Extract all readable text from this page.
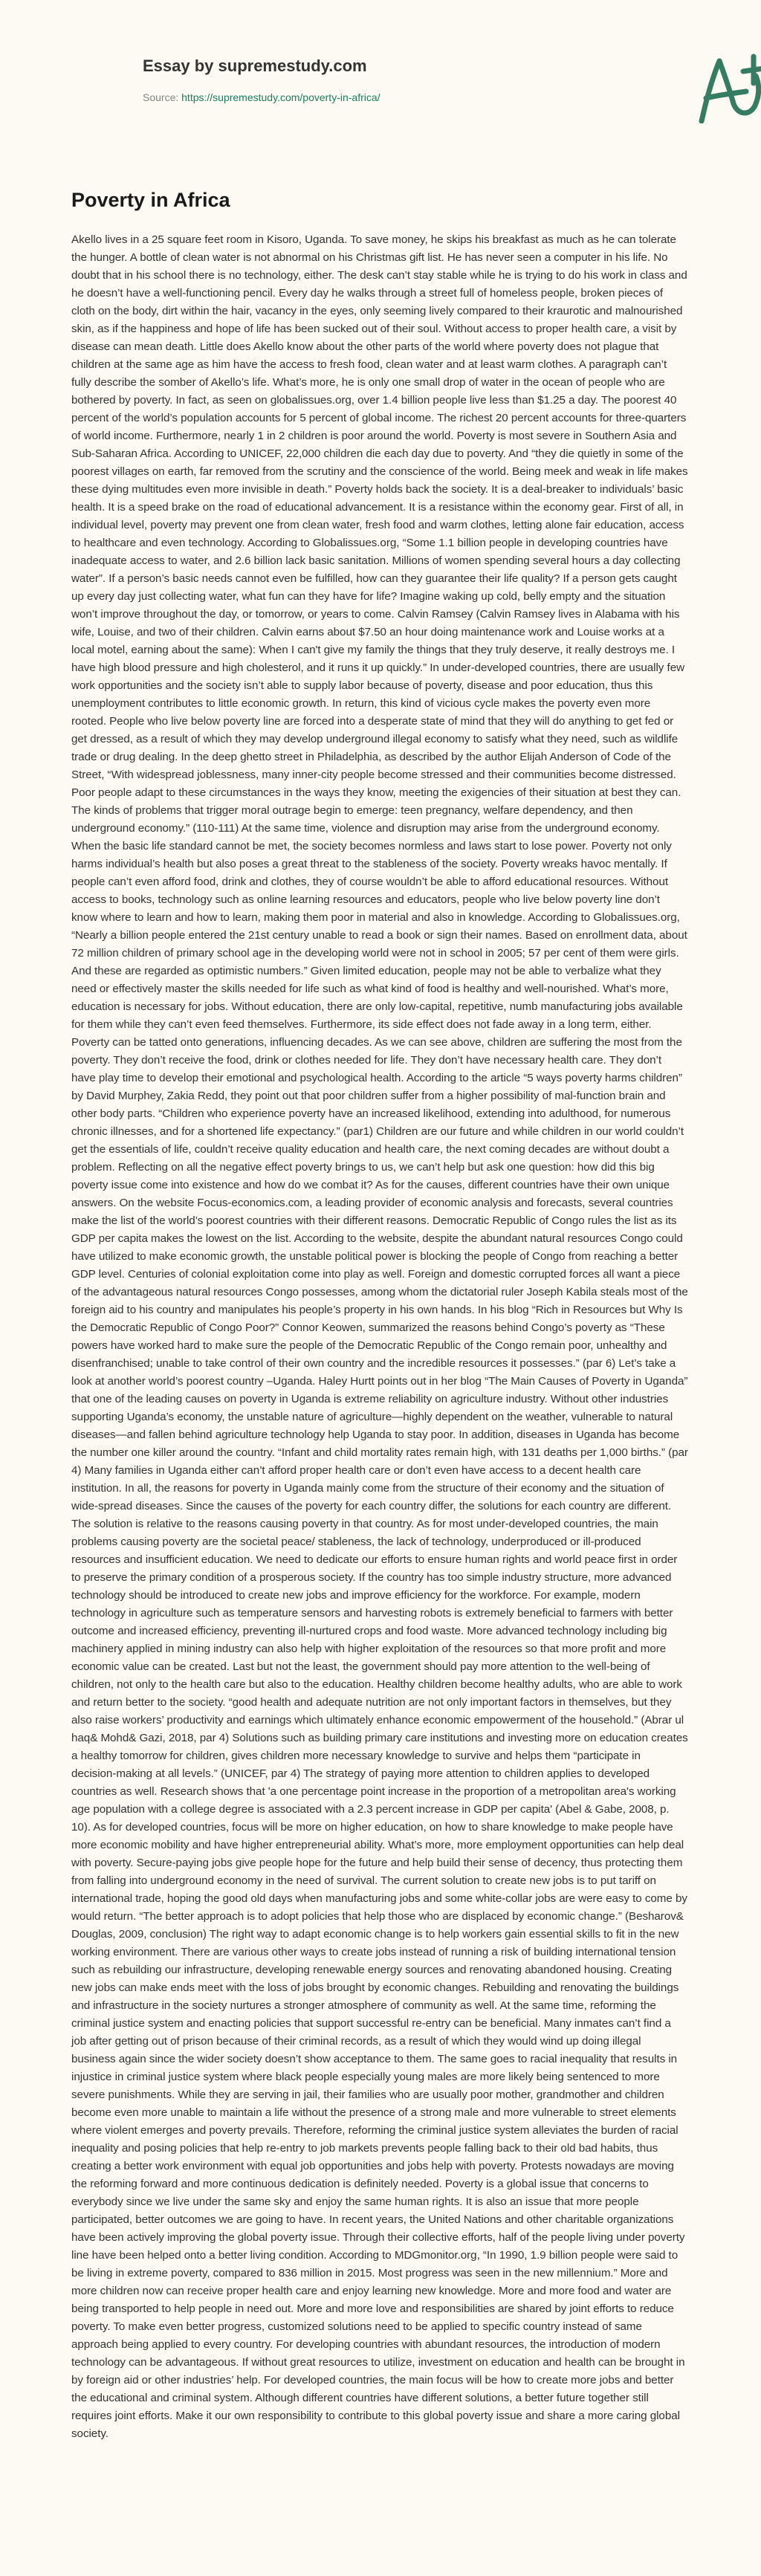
Essay by supremestudy.com
Source: https://supremestudy.com/poverty-in-africa/
Poverty in Africa

Akello lives in a 25 square feet room in Kisoro, Uganda. To save money, he skips his breakfast as much as he can tolerate the hunger. A bottle of clean water is not abnormal on his Christmas gift list. He has never seen a computer in his life. No doubt that in his school there is no technology, either. The desk can’t stay stable while he is trying to do his work in class and he doesn’t have a well-functioning pencil. Every day he walks through a street full of homeless people, broken pieces of cloth on the body, dirt within the hair, vacancy in the eyes, only seeming lively compared to their kraurotic and malnourished skin, as if the happiness and hope of life has been sucked out of their soul. Without access to proper health care, a visit by disease can mean death. Little does Akello know about the other parts of the world where poverty does not plague that children at the same age as him have the access to fresh food, clean water and at least warm clothes. A paragraph can’t fully describe the somber of Akello’s life. What’s more, he is only one small drop of water in the ocean of people who are bothered by poverty. In fact, as seen on globalissues.org, over 1.4 billion people live less than $1.25 a day. The poorest 40 percent of the world’s population accounts for 5 percent of global income. The richest 20 percent accounts for three-quarters of world income. Furthermore, nearly 1 in 2 children is poor around the world. Poverty is most severe in Southern Asia and Sub-Saharan Africa. According to UNICEF, 22,000 children die each day due to poverty. And “they die quietly in some of the poorest villages on earth, far removed from the scrutiny and the conscience of the world. Being meek and weak in life makes these dying multitudes even more invisible in death.” Poverty holds back the society. It is a deal-breaker to individuals’ basic health. It is a speed brake on the road of educational advancement. It is a resistance within the economy gear. First of all, in individual level, poverty may prevent one from clean water, fresh food and warm clothes, letting alone fair education, access to healthcare and even technology. According to Globalissues.org, “Some 1.1 billion people in developing countries have inadequate access to water, and 2.6 billion lack basic sanitation. Millions of women spending several hours a day collecting water”. If a person’s basic needs cannot even be fulfilled, how can they guarantee their life quality? If a person gets caught up every day just collecting water, what fun can they have for life? Imagine waking up cold, belly empty and the situation won’t improve throughout the day, or tomorrow, or years to come. Calvin Ramsey (Calvin Ramsey lives in Alabama with his wife, Louise, and two of their children. Calvin earns about $7.50 an hour doing maintenance work and Louise works at a local motel, earning about the same): When I can't give my family the things that they truly deserve, it really destroys me. I have high blood pressure and high cholesterol, and it runs it up quickly.” In under-developed countries, there are usually few work opportunities and the society isn’t able to supply labor because of poverty, disease and poor education, thus this unemployment contributes to little economic growth. In return, this kind of vicious cycle makes the poverty even more rooted. People who live below poverty line are forced into a desperate state of mind that they will do anything to get fed or get dressed, as a result of which they may develop underground illegal economy to satisfy what they need, such as wildlife trade or drug dealing. In the deep ghetto street in Philadelphia, as described by the author Elijah Anderson of Code of the Street, “With widespread joblessness, many inner-city people become stressed and their communities become distressed. Poor people adapt to these circumstances in the ways they know, meeting the exigencies of their situation at best they can. The kinds of problems that trigger moral outrage begin to emerge: teen pregnancy, welfare dependency, and then underground economy.” (110-111) At the same time, violence and disruption may arise from the underground economy. When the basic life standard cannot be met, the society becomes normless and laws start to lose power. Poverty not only harms individual’s health but also poses a great threat to the stableness of the society. Poverty wreaks havoc mentally. If people can’t even afford food, drink and clothes, they of course wouldn’t be able to afford educational resources. Without access to books, technology such as online learning resources and educators, people who live below poverty line don’t know where to learn and how to learn, making them poor in material and also in knowledge. According to Globalissues.org, “Nearly a billion people entered the 21st century unable to read a book or sign their names. Based on enrollment data, about 72 million children of primary school age in the developing world were not in school in 2005; 57 per cent of them were girls. And these are regarded as optimistic numbers.” Given limited education, people may not be able to verbalize what they need or effectively master the skills needed for life such as what kind of food is healthy and well-nourished. What’s more, education is necessary for jobs. Without education, there are only low-capital, repetitive, numb manufacturing jobs available for them while they can’t even feed themselves. Furthermore, its side effect does not fade away in a long term, either. Poverty can be tatted onto generations, influencing decades. As we can see above, children are suffering the most from the poverty. They don’t receive the food, drink or clothes needed for life. They don’t have necessary health care. They don’t have play time to develop their emotional and psychological health. According to the article “5 ways poverty harms children” by David Murphey, Zakia Redd, they point out that poor children suffer from a higher possibility of mal-function brain and other body parts. “Children who experience poverty have an increased likelihood, extending into adulthood, for numerous chronic illnesses, and for a shortened life expectancy.” (par1) Children are our future and while children in our world couldn’t get the essentials of life, couldn’t receive quality education and health care, the next coming decades are without doubt a problem. Reflecting on all the negative effect poverty brings to us, we can’t help but ask one question: how did this big poverty issue come into existence and how do we combat it? As for the causes, different countries have their own unique answers. On the website Focus-economics.com, a leading provider of economic analysis and forecasts, several countries make the list of the world’s poorest countries with their different reasons. Democratic Republic of Congo rules the list as its GDP per capita makes the lowest on the list. According to the website, despite the abundant natural resources Congo could have utilized to make economic growth, the unstable political power is blocking the people of Congo from reaching a better GDP level. Centuries of colonial exploitation come into play as well. Foreign and domestic corrupted forces all want a piece of the advantageous natural resources Congo possesses, among whom the dictatorial ruler Joseph Kabila steals most of the foreign aid to his country and manipulates his people’s property in his own hands. In his blog “Rich in Resources but Why Is the Democratic Republic of Congo Poor?” Connor Keowen, summarized the reasons behind Congo’s poverty as “These powers have worked hard to make sure the people of the Democratic Republic of the Congo remain poor, unhealthy and disenfranchised; unable to take control of their own country and the incredible resources it possesses.” (par 6) Let’s take a look at another world’s poorest country –Uganda. Haley Hurtt points out in her blog “The Main Causes of Poverty in Uganda” that one of the leading causes on poverty in Uganda is extreme reliability on agriculture industry. Without other industries supporting Uganda’s economy, the unstable nature of agriculture—highly dependent on the weather, vulnerable to natural diseases—and fallen behind agriculture technology help Uganda to stay poor. In addition, diseases in Uganda has become the number one killer around the country. “Infant and child mortality rates remain high, with 131 deaths per 1,000 births.” (par 4) Many families in Uganda either can’t afford proper health care or don’t even have access to a decent health care institution. In all, the reasons for poverty in Uganda mainly come from the structure of their economy and the situation of wide-spread diseases. Since the causes of the poverty for each country differ, the solutions for each country are different. The solution is relative to the reasons causing poverty in that country. As for most under-developed countries, the main problems causing poverty are the societal peace/ stableness, the lack of technology, underproduced or ill-produced resources and insufficient education. We need to dedicate our efforts to ensure human rights and world peace first in order to preserve the primary condition of a prosperous society. If the country has too simple industry structure, more advanced technology should be introduced to create new jobs and improve efficiency for the workforce. For example, modern technology in agriculture such as temperature sensors and harvesting robots is extremely beneficial to farmers with better outcome and increased efficiency, preventing ill-nurtured crops and food waste. More advanced technology including big machinery applied in mining industry can also help with higher exploitation of the resources so that more profit and more economic value can be created. Last but not the least, the government should pay more attention to the well-being of children, not only to the health care but also to the education. Healthy children become healthy adults, who are able to work and return better to the society. “good health and adequate nutrition are not only important factors in themselves, but they also raise workers’ productivity and earnings which ultimately enhance economic empowerment of the household.” (Abrar ul haq& Mohd& Gazi, 2018, par 4) Solutions such as building primary care institutions and investing more on education creates a healthy tomorrow for children, gives children more necessary knowledge to survive and helps them “participate in decision-making at all levels.” (UNICEF, par 4) The strategy of paying more attention to children applies to developed countries as well. Research shows that 'a one percentage point increase in the proportion of a metropolitan area's working age population with a college degree is associated with a 2.3 percent increase in GDP per capita' (Abel & Gabe, 2008, p. 10). As for developed countries, focus will be more on higher education, on how to share knowledge to make people have more economic mobility and have higher entrepreneurial ability. What’s more, more employment opportunities can help deal with poverty. Secure-paying jobs give people hope for the future and help build their sense of decency, thus protecting them from falling into underground economy in the need of survival. The current solution to create new jobs is to put tariff on international trade, hoping the good old days when manufacturing jobs and some white-collar jobs are were easy to come by would return. “The better approach is to adopt policies that help those who are displaced by economic change.” (Besharov& Douglas, 2009, conclusion) The right way to adapt economic change is to help workers gain essential skills to fit in the new working environment. There are various other ways to create jobs instead of running a risk of building international tension such as rebuilding our infrastructure, developing renewable energy sources and renovating abandoned housing. Creating new jobs can make ends meet with the loss of jobs brought by economic changes. Rebuilding and renovating the buildings and infrastructure in the society nurtures a stronger atmosphere of community as well. At the same time, reforming the criminal justice system and enacting policies that support successful re-entry can be beneficial. Many inmates can’t find a job after getting out of prison because of their criminal records, as a result of which they would wind up doing illegal business again since the wider society doesn’t show acceptance to them. The same goes to racial inequality that results in injustice in criminal justice system where black people especially young males are more likely being sentenced to more severe punishments. While they are serving in jail, their families who are usually poor mother, grandmother and children become even more unable to maintain a life without the presence of a strong male and more vulnerable to street elements where violent emerges and poverty prevails. Therefore, reforming the criminal justice system alleviates the burden of racial inequality and posing policies that help re-entry to job markets prevents people falling back to their old bad habits, thus creating a better work environment with equal job opportunities and jobs help with poverty. Protests nowadays are moving the reforming forward and more continuous dedication is definitely needed. Poverty is a global issue that concerns to everybody since we live under the same sky and enjoy the same human rights. It is also an issue that more people participated, better outcomes we are going to have. In recent years, the United Nations and other charitable organizations have been actively improving the global poverty issue. Through their collective efforts, half of the people living under poverty line have been helped onto a better living condition. According to MDGmonitor.org, “In 1990, 1.9 billion people were said to be living in extreme poverty, compared to 836 million in 2015. Most progress was seen in the new millennium.” More and more children now can receive proper health care and enjoy learning new knowledge. More and more food and water are being transported to help people in need out. More and more love and responsibilities are shared by joint efforts to reduce poverty. To make even better progress, customized solutions need to be applied to specific country instead of same approach being applied to every country. For developing countries with abundant resources, the introduction of modern technology can be advantageous. If without great resources to utilize, investment on education and health can be brought in by foreign aid or other industries’ help. For developed countries, the main focus will be how to create more jobs and better the educational and criminal system. Although different countries have different solutions, a better future together still requires joint efforts. Make it our own responsibility to contribute to this global poverty issue and share a more caring global society.
